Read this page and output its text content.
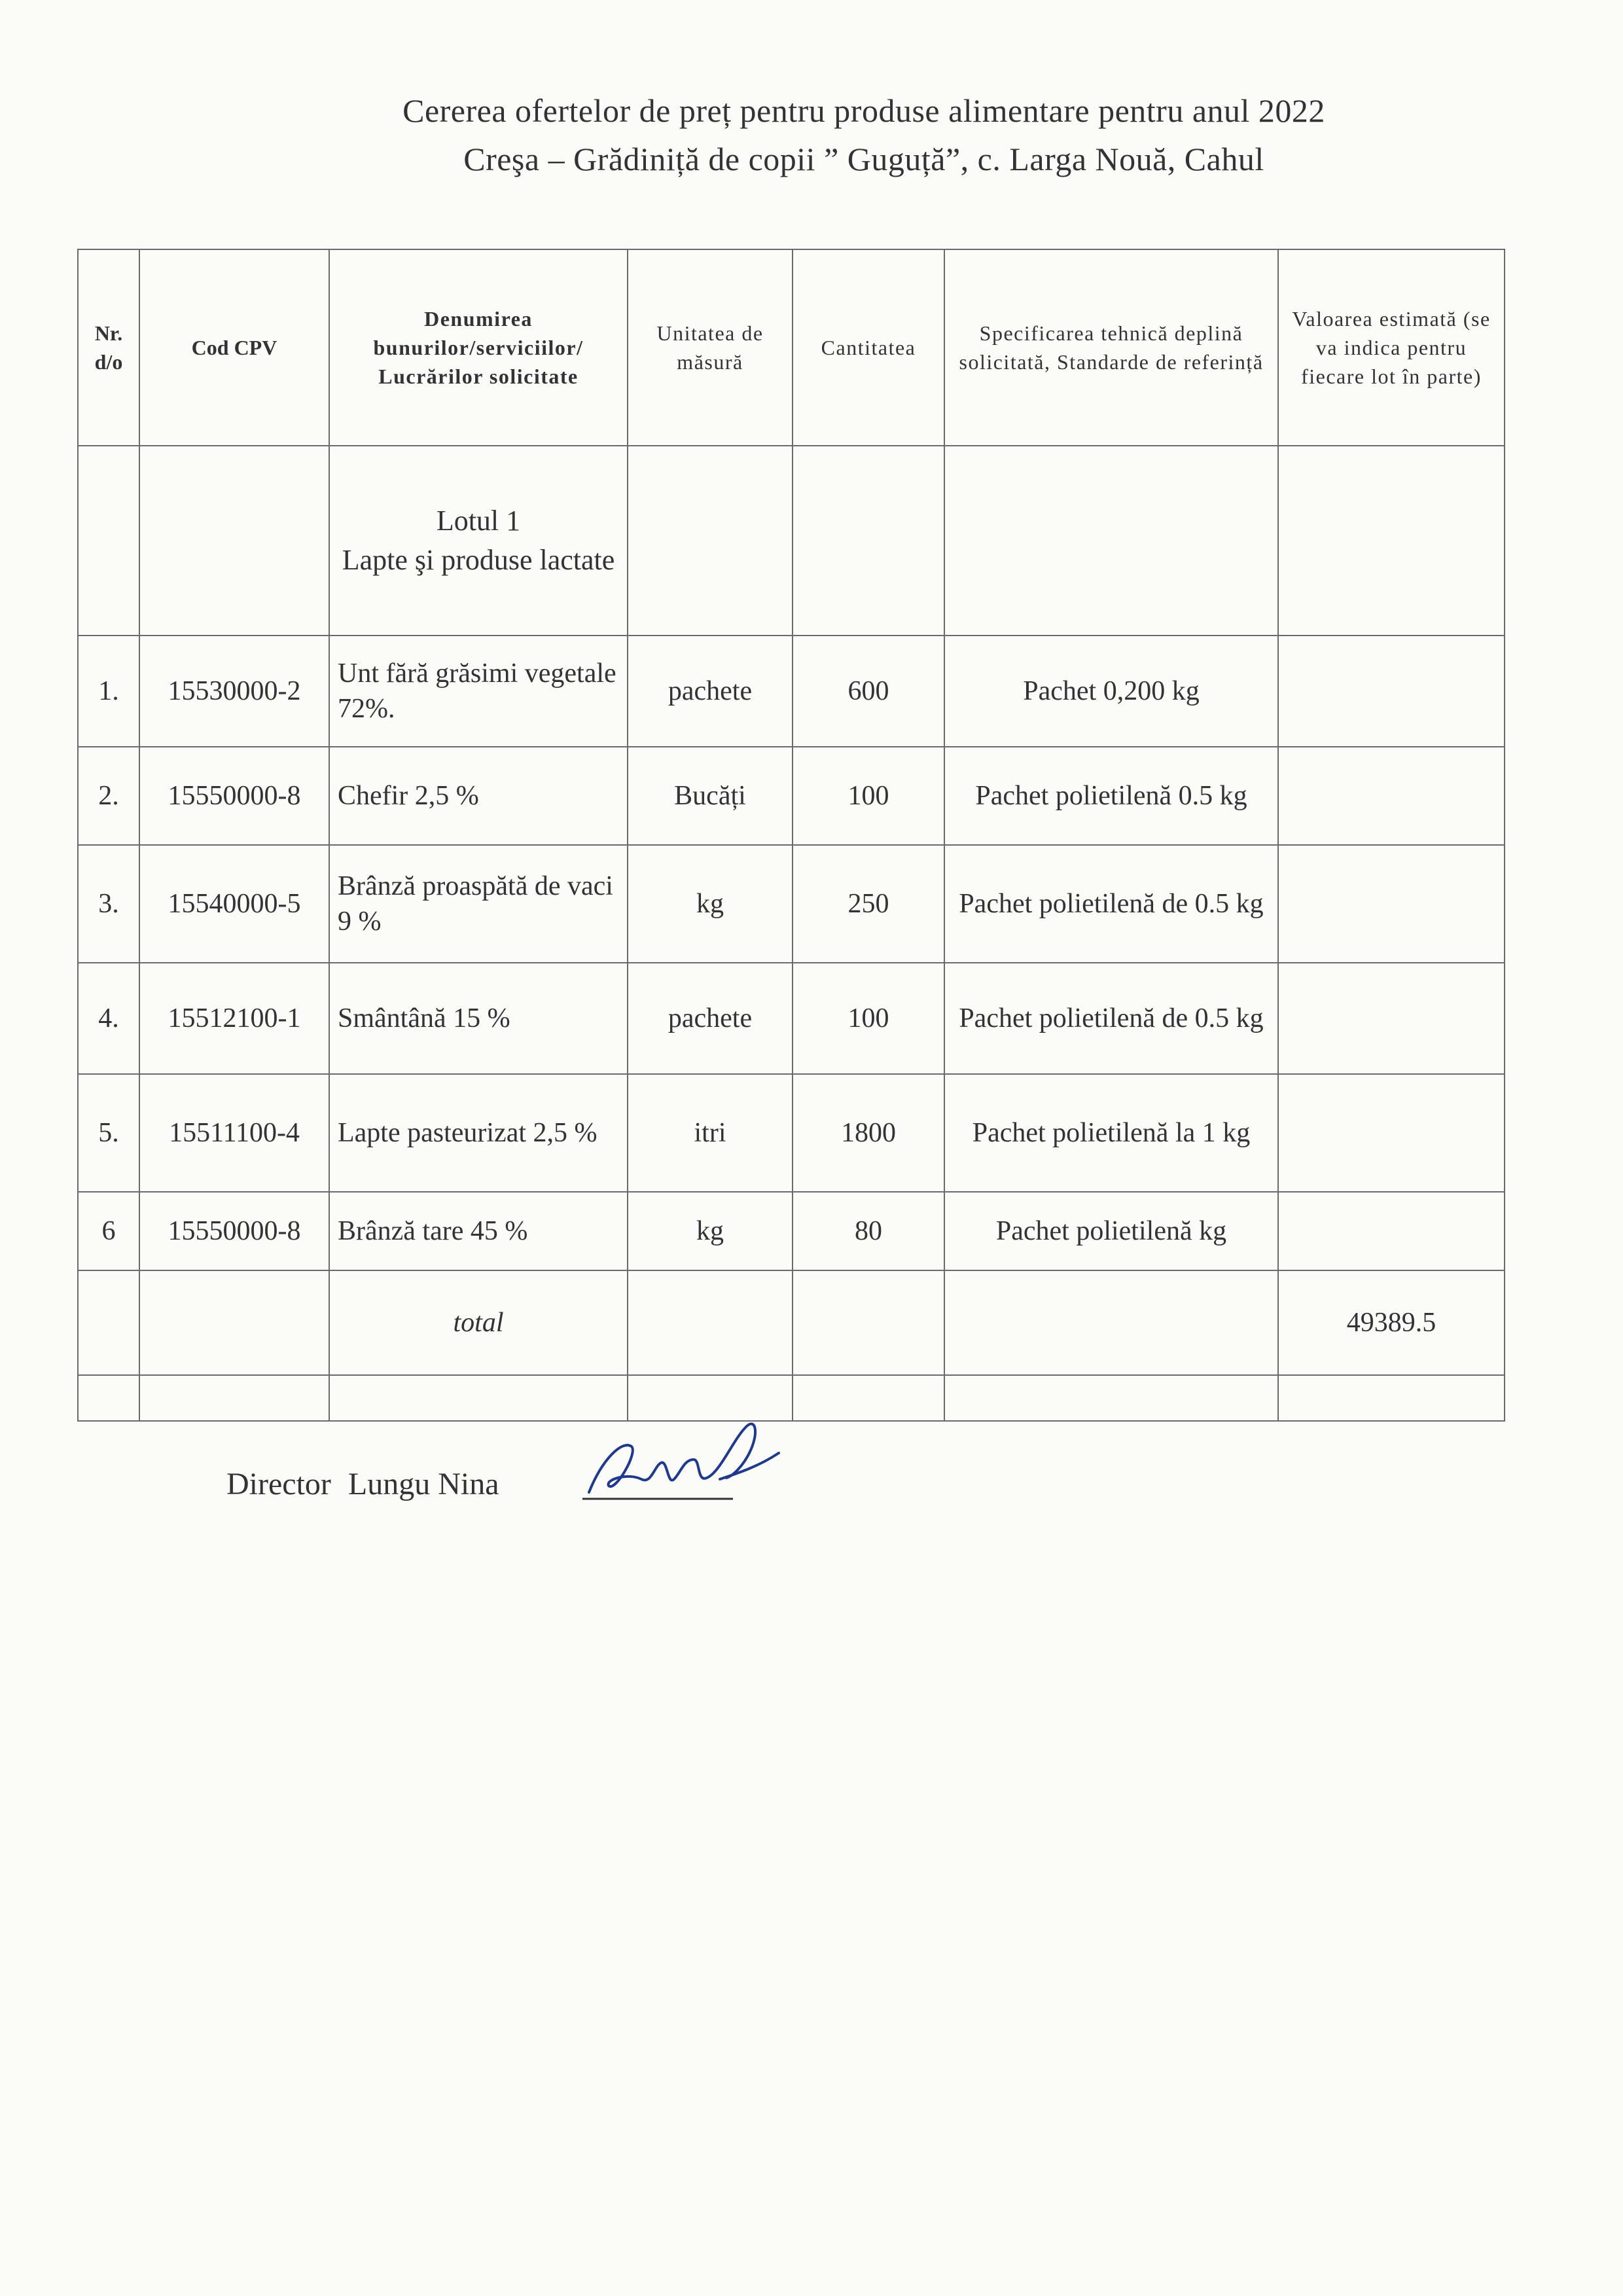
Cererea ofertelor de preț pentru produse alimentare pentru anul 2022
Creşa – Grădiniță de copii ” Guguță”, c. Larga Nouă, Cahul
Nr. d/o	Cod CPV	Denumirea bunurilor/serviciilor/ Lucrărilor solicitate	Unitatea de măsură	Cantitatea	Specificarea tehnică deplină solicitată, Standarde de referință	Valoarea estimată (se va indica pentru fiecare lot în parte)

		Lotul 1
Lapte şi produse lactate				

1.	15530000-2	Unt fără grăsimi vegetale 72%.	pachete	600	Pachet 0,200 kg	
2.	15550000-8	Chefir 2,5 %	Bucăți	100	Pachet polietilenă 0.5 kg	
3.	15540000-5	Brânză proaspătă de vaci 9 %	kg	250	Pachet polietilenă de 0.5 kg	
4.	15512100-1	Smântână 15 %	pachete	100	Pachet polietilenă de 0.5 kg	
5.	15511100-4	Lapte pasteurizat 2,5 %	itri	1800	Pachet polietilenă la 1 kg	
6	15550000-8	Brânză tare 45 %	kg	80	Pachet polietilenă kg	
		total				49389.5

Director Lungu Nina
